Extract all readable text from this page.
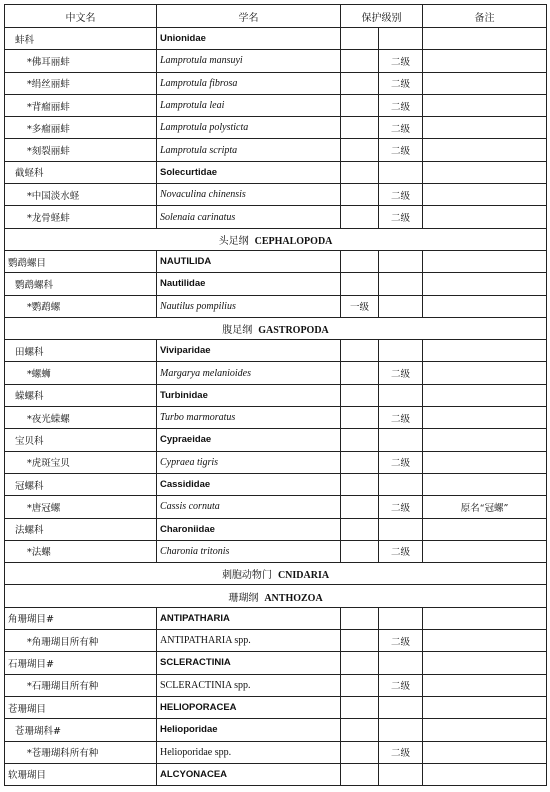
中文名	学名	保护级别		备注
蚌科	Unionidae			
*佛耳丽蚌	Lamprotula mansuyi		二级	
*绢丝丽蚌	Lamprotula fibrosa		二级	
*背瘤丽蚌	Lamprotula leai		二级	
*多瘤丽蚌	Lamprotula polysticta		二级	
*刻裂丽蚌	Lamprotula scripta		二级	
截蛏科	Solecurtidae			
*中国淡水蛏	Novaculina chinensis		二级	
*龙骨蛏蚌	Solenaia carinatus		二级	
头足纲 CEPHALOPODA				
鹦鹉螺目	NAUTILIDA			
鹦鹉螺科	Nautilidae			
*鹦鹉螺	Nautilus pompilius	一级		
腹足纲 GASTROPODA				
田螺科	Viviparidae			
*螺蛳	Margarya melanioides		二级	
蝾螺科	Turbinidae			
*夜光蝾螺	Turbo marmoratus		二级	
宝贝科	Cypraeidae			
*虎斑宝贝	Cypraea tigris		二级	
冠螺科	Cassididae			
*唐冠螺	Cassis cornuta		二级	原名“冠螺”
法螺科	Charoniidae			
*法螺	Charonia tritonis		二级	
刺胞动物门 CNIDARIA				
珊瑚纲 ANTHOZOA				
角珊瑚目#	ANTIPATHARIA			
*角珊瑚目所有种	ANTIPATHARIA spp.		二级	
石珊瑚目#	SCLERACTINIA			
*石珊瑚目所有种	SCLERACTINIA spp.		二级	
苍珊瑚目	HELIOPORACEA			
苍珊瑚科#	Helioporidae			
*苍珊瑚科所有种	Helioporidae spp.		二级	
软珊瑚目	ALCYONACEA			
